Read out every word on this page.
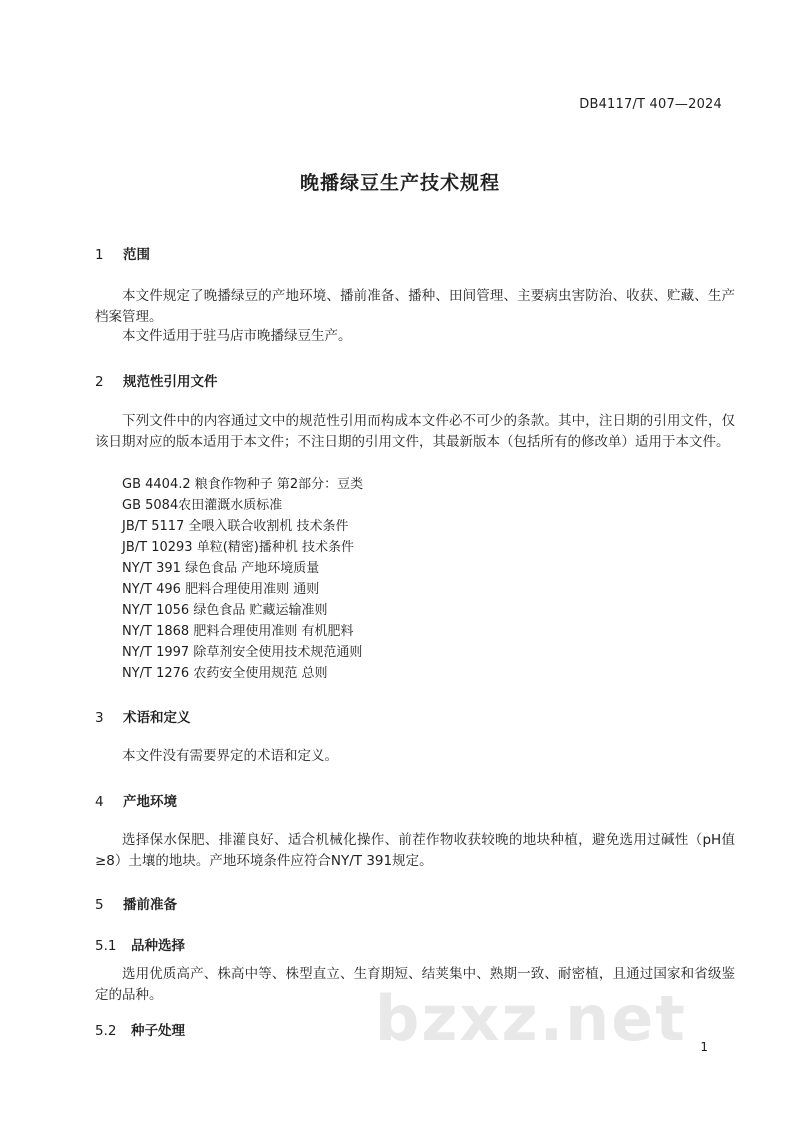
DB4117/T 407—2024
晚播绿豆生产技术规程
1 范围
本文件规定了晚播绿豆的产地环境、播前准备、播种、田间管理、主要病虫害防治、收获、贮藏、生产档案管理。
本文件适用于驻马店市晚播绿豆生产。
2 规范性引用文件
下列文件中的内容通过文中的规范性引用而构成本文件必不可少的条款。其中，注日期的引用文件，仅该日期对应的版本适用于本文件；不注日期的引用文件，其最新版本（包括所有的修改单）适用于本文件。
GB 4404.2 粮食作物种子 第2部分：豆类
GB 5084农田灌溉水质标准
JB/T 5117 全喂入联合收割机 技术条件
JB/T 10293 单粒(精密)播种机 技术条件
NY/T 391 绿色食品 产地环境质量
NY/T 496 肥料合理使用准则 通则
NY/T 1056 绿色食品 贮藏运输准则
NY/T 1868 肥料合理使用准则 有机肥料
NY/T 1997 除草剂安全使用技术规范通则
NY/T 1276 农药安全使用规范 总则
3 术语和定义
本文件没有需要界定的术语和定义。
4 产地环境
选择保水保肥、排灌良好、适合机械化操作、前茬作物收获较晚的地块种植，避免选用过碱性（pH值≥8）土壤的地块。产地环境条件应符合NY/T 391规定。
5 播前准备
5.1 品种选择
选用优质高产、株高中等、株型直立、生育期短、结荚集中、熟期一致、耐密植，且通过国家和省级鉴定的品种。
5.2 种子处理	bzxz.net 1
